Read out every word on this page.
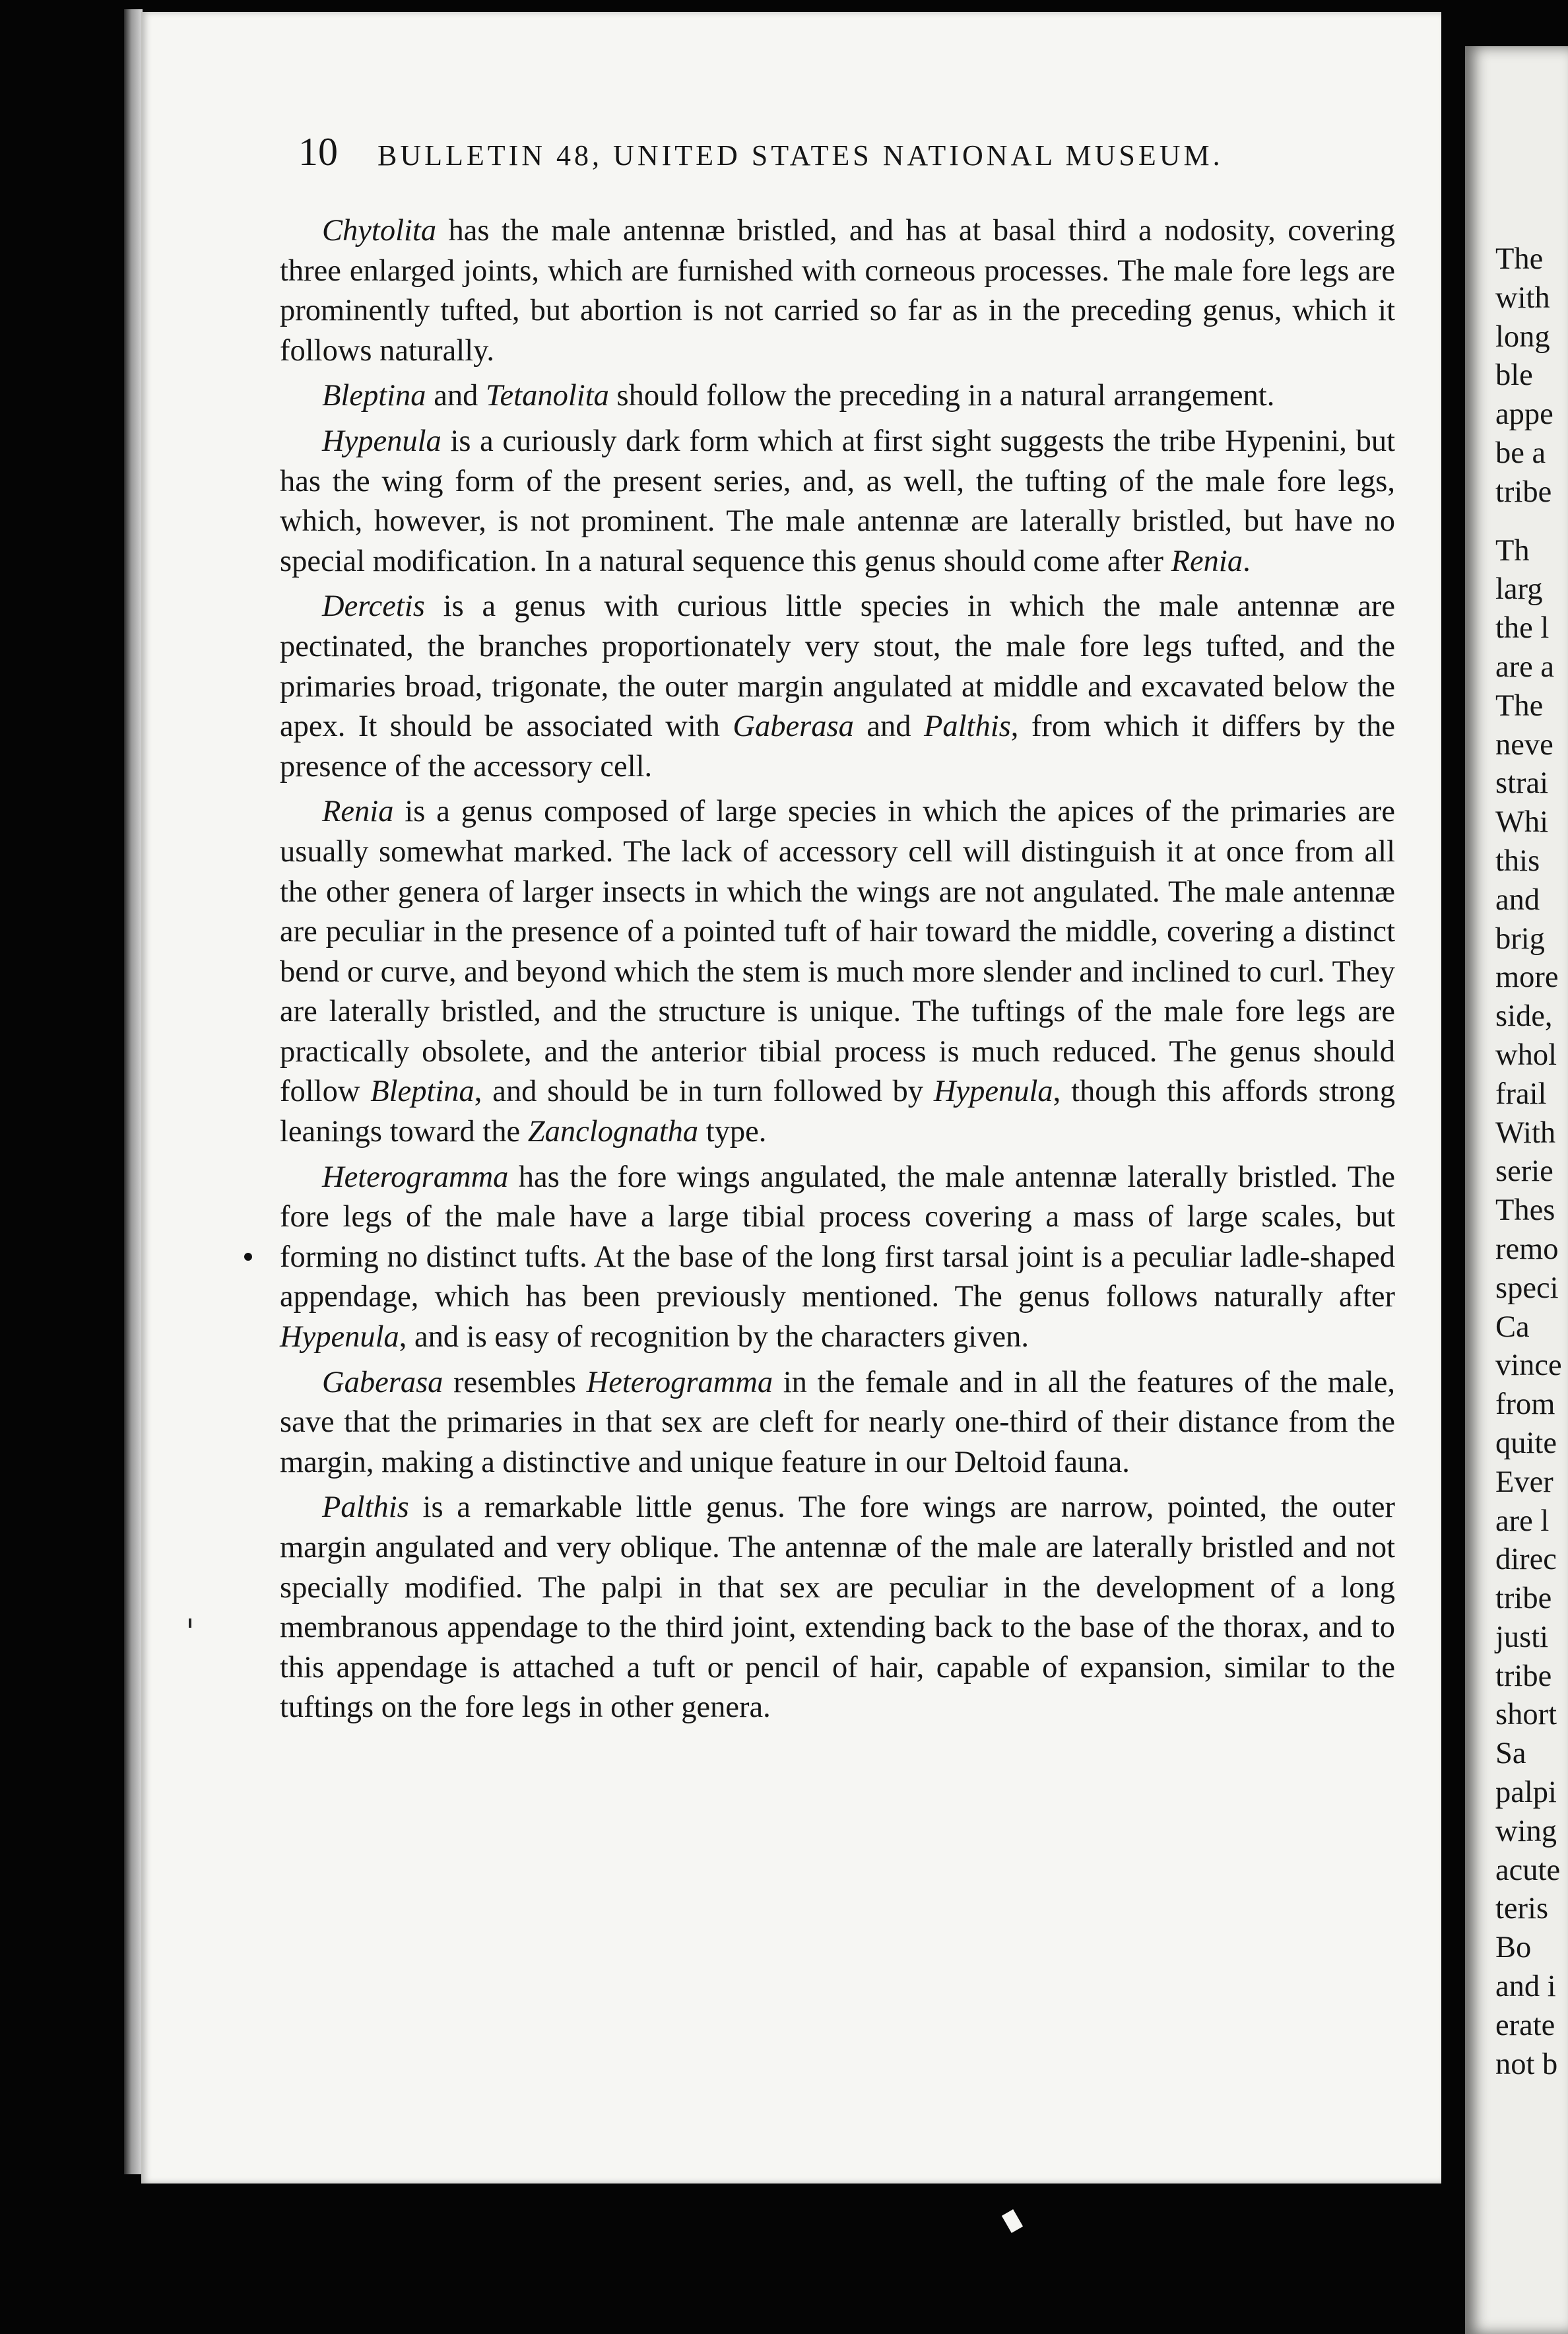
10 BULLETIN 48, UNITED STATES NATIONAL MUSEUM.

Chytolita has the male antennæ bristled, and has at basal third a nodosity, covering three enlarged joints, which are furnished with corneous processes. The male fore legs are prominently tufted, but abortion is not carried so far as in the preceding genus, which it follows naturally.

Bleptina and Tetanolita should follow the preceding in a natural arrangement.

Hypenula is a curiously dark form which at first sight suggests the tribe Hypenini, but has the wing form of the present series, and, as well, the tufting of the male fore legs, which, however, is not prominent. The male antennæ are laterally bristled, but have no special modification. In a natural sequence this genus should come after Renia.

Dercetis is a genus with curious little species in which the male antennæ are pectinated, the branches proportionately very stout, the male fore legs tufted, and the primaries broad, trigonate, the outer margin angulated at middle and excavated below the apex. It should be associated with Gaberasa and Palthis, from which it differs by the presence of the accessory cell.

Renia is a genus composed of large species in which the apices of the primaries are usually somewhat marked. The lack of accessory cell will distinguish it at once from all the other genera of larger insects in which the wings are not angulated. The male antennæ are peculiar in the presence of a pointed tuft of hair toward the middle, covering a distinct bend or curve, and beyond which the stem is much more slender and inclined to curl. They are laterally bristled, and the structure is unique. The tuftings of the male fore legs are practically obsolete, and the anterior tibial process is much reduced. The genus should follow Bleptina, and should be in turn followed by Hypenula, though this affords strong leanings toward the Zanclognatha type.

Heterogramma has the fore wings angulated, the male antennæ laterally bristled. The fore legs of the male have a large tibial process covering a mass of large scales, but forming no distinct tufts. At the base of the long first tarsal joint is a peculiar ladle-shaped appendage, which has been previously mentioned. The genus follows naturally after Hypenula, and is easy of recognition by the characters given.

Gaberasa resembles Heterogramma in the female and in all the features of the male, save that the primaries in that sex are cleft for nearly one-third of their distance from the margin, making a distinctive and unique feature in our Deltoid fauna.

Palthis is a remarkable little genus. The fore wings are narrow, pointed, the outer margin angulated and very oblique. The antennæ of the male are laterally bristled and not specially modified. The palpi in that sex are peculiar in the development of a long membranous appendage to the third joint, extending back to the base of the thorax, and to this appendage is attached a tuft or pencil of hair, capable of expansion, similar to the tuftings on the fore legs in other genera.

The
with
long
ble
appe
be a
tribe
Th
larg
the l
are a
The
neve
strai
Whi
this
and
brig
more
side,
whol
frail
With
serie
Thes
remo
speci
Ca
vince
from
quite
Ever
are l
direc
tribe
justi
tribe
short
Sa
palpi
wing
acute
teris
Bo
and i
erate
not b
